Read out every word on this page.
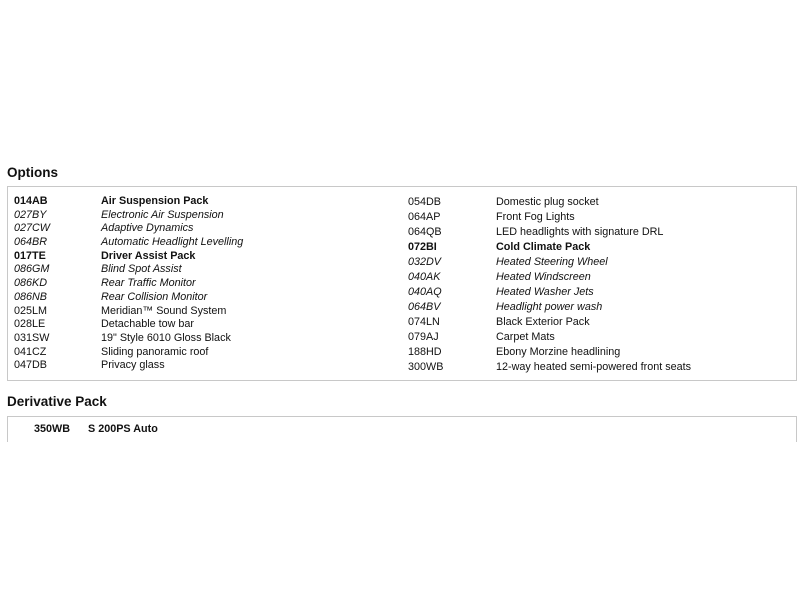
Options
014AB	Air Suspension Pack
027BY	Electronic Air Suspension
027CW	Adaptive Dynamics
064BR	Automatic Headlight Levelling
017TE	Driver Assist Pack
086GM	Blind Spot Assist
086KD	Rear Traffic Monitor
086NB	Rear Collision Monitor
025LM	Meridian™ Sound System
028LE	Detachable tow bar
031SW	19" Style 6010 Gloss Black
041CZ	Sliding panoramic roof
047DB	Privacy glass
054DB	Domestic plug socket
064AP	Front Fog Lights
064QB	LED headlights with signature DRL
072BI	Cold Climate Pack
032DV	Heated Steering Wheel
040AK	Heated Windscreen
040AQ	Heated Washer Jets
064BV	Headlight power wash
074LN	Black Exterior Pack
079AJ	Carpet Mats
188HD	Ebony Morzine headlining
300WB	12-way heated semi-powered front seats
Derivative Pack
350WB S 200PS Auto
